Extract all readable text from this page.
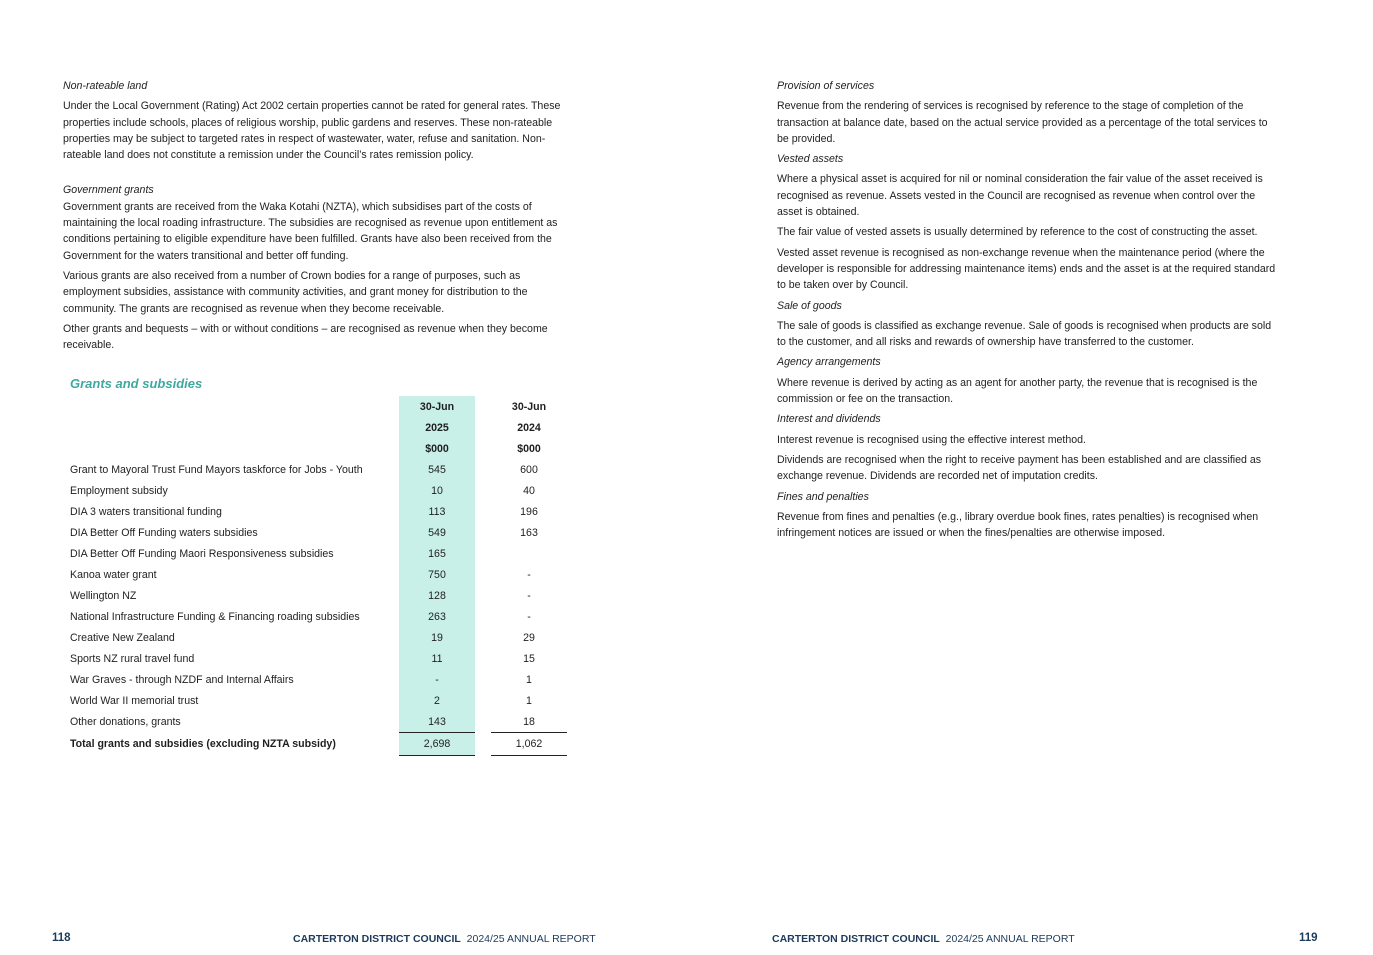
Non-rateable land

Under the Local Government (Rating) Act 2002 certain properties cannot be rated for general rates. These properties include schools, places of religious worship, public gardens and reserves. These non-rateable properties may be subject to targeted rates in respect of wastewater, water, refuse and sanitation. Non-rateable land does not constitute a remission under the Council’s rates remission policy.

Government grants

Government grants are received from the Waka Kotahi (NZTA), which subsidises part of the costs of maintaining the local roading infrastructure. The subsidies are recognised as revenue upon entitlement as conditions pertaining to eligible expenditure have been fulfilled. Grants have also been received from the Government for the waters transitional and better off funding.

Various grants are also received from a number of Crown bodies for a range of purposes, such as employment subsidies, assistance with community activities, and grant money for distribution to the community. The grants are recognised as revenue when they become receivable.

Other grants and bequests – with or without conditions – are recognised as revenue when they become receivable.

Grants and subsidies
	30-Jun		30-Jun
	2025		2024
	$000		$000
Grant to Mayoral Trust Fund Mayors taskforce for Jobs - Youth	545		600
Employment subsidy	10		40
DIA 3 waters transitional funding	113		196
DIA Better Off Funding waters subsidies	549		163
DIA Better Off Funding Maori Responsiveness subsidies	165		
Kanoa water grant	750		-
Wellington NZ	128		-
National Infrastructure Funding & Financing roading subsidies	263		-
Creative New Zealand	19		29
Sports NZ rural travel fund	11		15
War Graves - through NZDF and Internal Affairs	-		1
World War II memorial trust	2		1
Other donations, grants	143		18
Total grants and subsidies (excluding NZTA subsidy)	2,698		1,062
118	CARTERTON DISTRICT COUNCIL 2024/25 ANNUAL REPORT

Provision of services

Revenue from the rendering of services is recognised by reference to the stage of completion of the transaction at balance date, based on the actual service provided as a percentage of the total services to be provided.

Vested assets

Where a physical asset is acquired for nil or nominal consideration the fair value of the asset received is recognised as revenue. Assets vested in the Council are recognised as revenue when control over the asset is obtained.

The fair value of vested assets is usually determined by reference to the cost of constructing the asset.

Vested asset revenue is recognised as non-exchange revenue when the maintenance period (where the developer is responsible for addressing maintenance items) ends and the asset is at the required standard to be taken over by Council.

Sale of goods

The sale of goods is classified as exchange revenue. Sale of goods is recognised when products are sold to the customer, and all risks and rewards of ownership have transferred to the customer.

Agency arrangements

Where revenue is derived by acting as an agent for another party, the revenue that is recognised is the commission or fee on the transaction.

Interest and dividends

Interest revenue is recognised using the effective interest method.

Dividends are recognised when the right to receive payment has been established and are classified as exchange revenue. Dividends are recorded net of imputation credits.

Fines and penalties

Revenue from fines and penalties (e.g., library overdue book fines, rates penalties) is recognised when infringement notices are issued or when the fines/penalties are otherwise imposed.

CARTERTON DISTRICT COUNCIL 2024/25 ANNUAL REPORT	119
